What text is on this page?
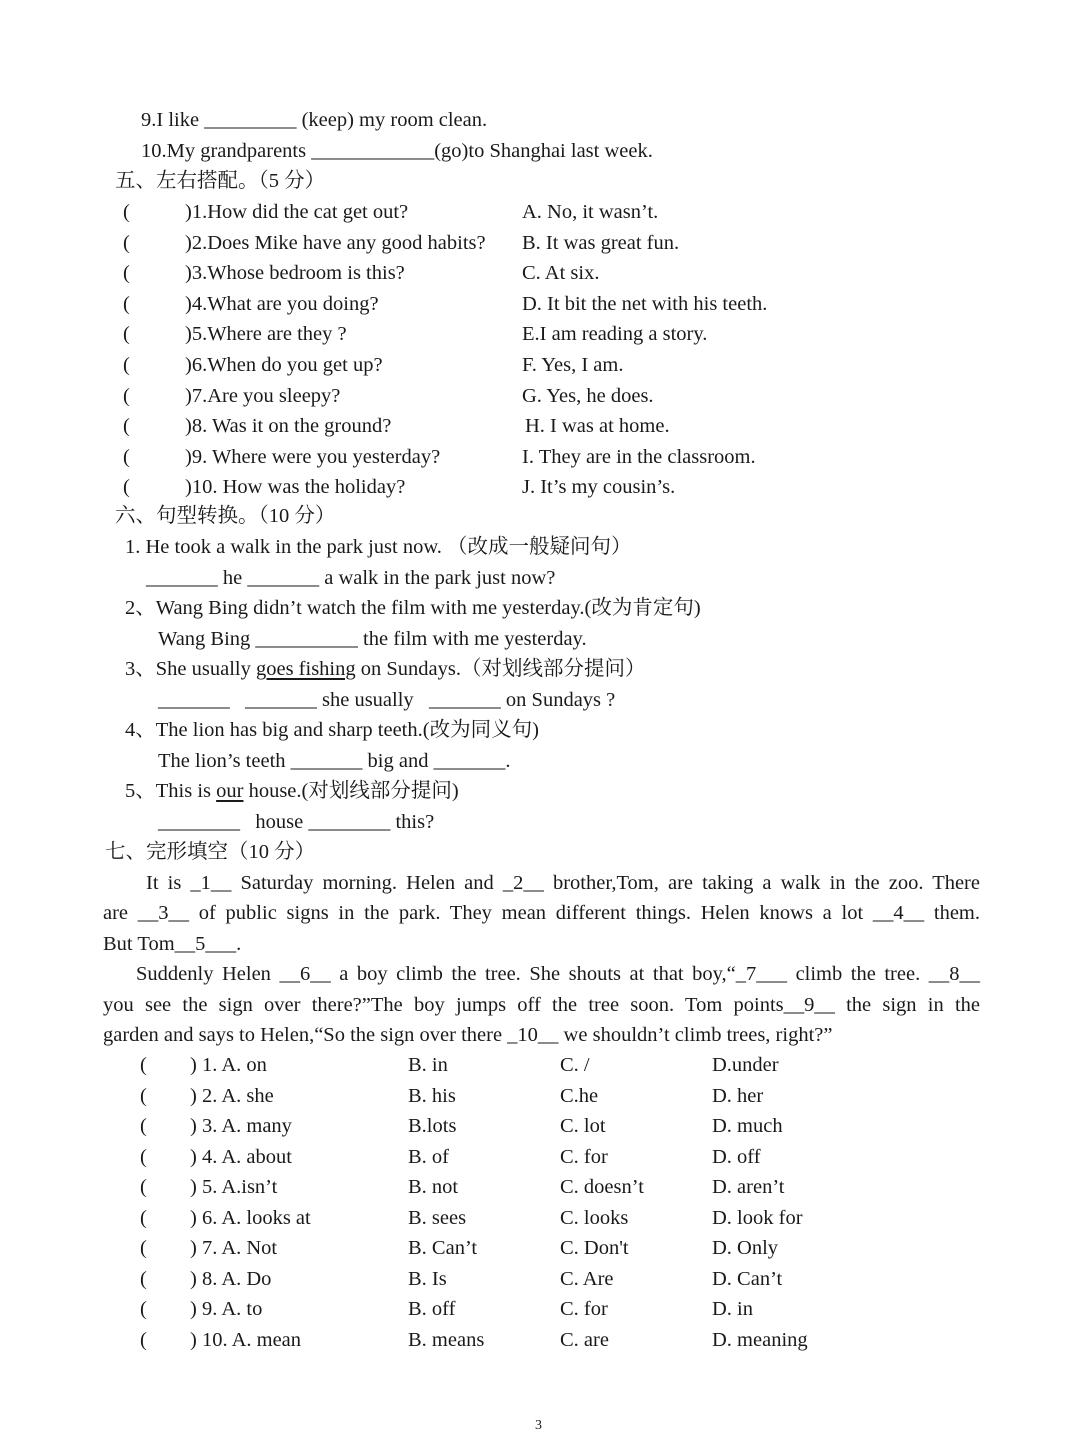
9.I like _________ (keep) my room clean.
10.My grandparents ____________(go)to Shanghai last week.
五、左右搭配。（5 分）
(	)1.How did the cat get out?	A. No, it wasn’t.
(	)2.Does Mike have any good habits? B. It was great fun.
(	)3.Whose bedroom is this?	C. At six.
(	)4.What are you doing?	D. It bit the net with his teeth.
(	)5.Where are they ?	E.I am reading a story.
(	)6.When do you get up?	F. Yes, I am.
(	)7.Are you sleepy?	G. Yes, he does.
(	)8. Was it on the ground?	H. I was at home.
(	)9. Where were you yesterday?	I. They are in the classroom.
(	)10. How was the holiday?	J. It’s my cousin’s.
六、句型转换。（10 分）
1. He took a walk in the park just now. （改成一般疑问句）
_______ he _______ a walk in the park just now?
2、Wang Bing didn’t watch the film with me yesterday.(改为肯定句)
Wang Bing __________ the film with me yesterday.
3、She usually goes fishing on Sundays.（对划线部分提问）
_______   _______ she usually   _______ on Sundays ?
4、The lion has big and sharp teeth.(改为同义句)
The lion’s teeth _______ big and _______.
5、This is our house.(对划线部分提问)
________   house ________ this?
七、完形填空（10 分）
It is _1__ Saturday morning. Helen and _2__ brother,Tom, are taking a walk in the zoo. There
are __3__ of public signs in the park. They mean different things. Helen knows a lot __4__ them.
But Tom__5___.
Suddenly Helen __6__ a boy climb the tree. She shouts at that boy,“_7___ climb the tree. __8__
you see the sign over there?”The boy jumps off the tree soon. Tom points__9__ the sign in the
garden and says to Helen,“So the sign over there _10__ we shouldn’t climb trees, right?”
( ) 1. A. on	B. in	C. /	D.under
( ) 2. A. she	B. his	C.he	D. her
( ) 3. A. many	B.lots	C. lot	D. much
( ) 4. A. about	B. of	C. for	D. off
( ) 5. A.isn’t	B. not	C. doesn’t	D. aren’t
( ) 6. A. looks at	B. sees	C. looks	D. look for
( ) 7. A. Not	B. Can’t	C. Don't	D. Only
( ) 8. A. Do	B. Is	C. Are	D. Can’t
( ) 9. A. to	B. off	C. for	D. in
( ) 10. A. mean	B. means	C. are	D. meaning
3
